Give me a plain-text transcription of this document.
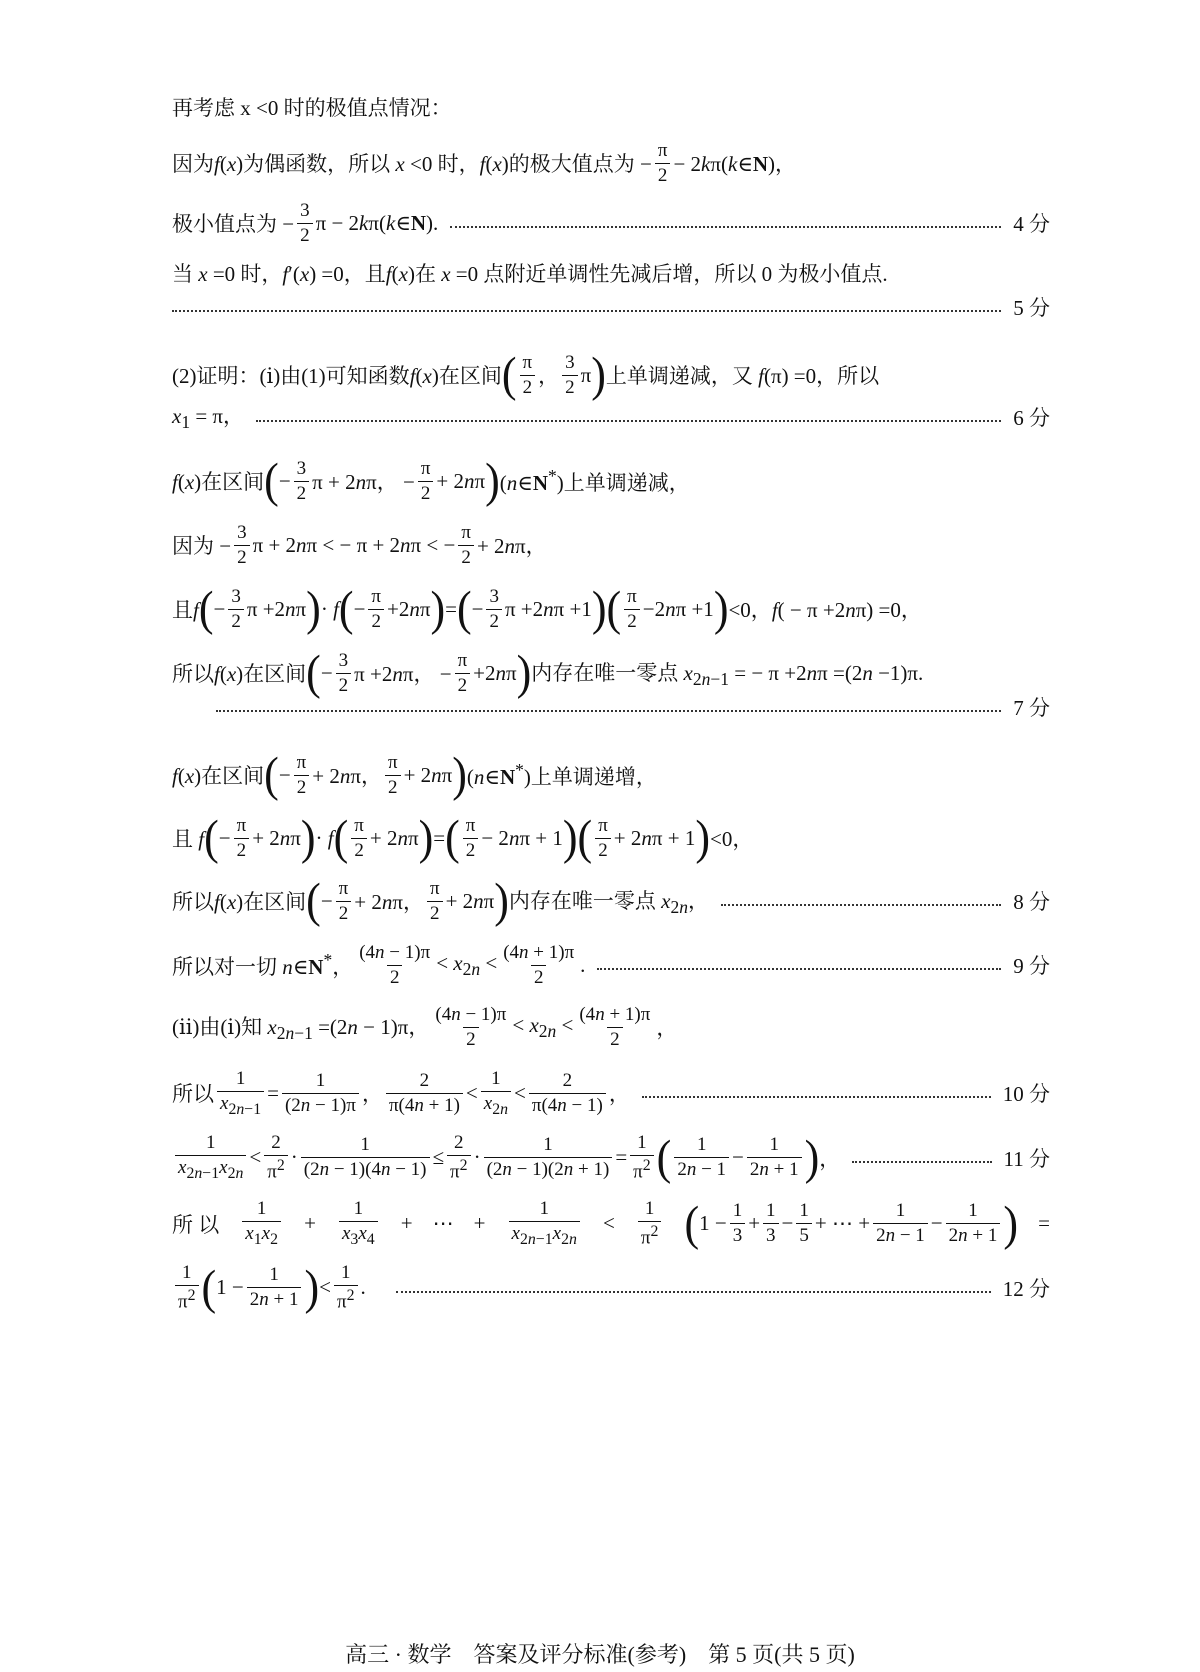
再考虑 x <0 时的极值点情况：
因为f(x)为偶函数，所以 x <0 时，f(x)的极大值点为 − $\frac{\pi}{2}$ − 2kπ(k∈N)，
极小值点为 − $\frac{3}{2}$ π − 2kπ(k∈N).	4 分
当 x =0 时，f′(x) =0，且f(x)在 x =0 点附近单调性先减后增，所以 0 为极小值点.
5 分
(2)证明：(ⅰ)由(1)可知函数f(x)在区间 ( $\frac{\pi}{2}$ ， $\frac{3}{2}$ π ) 上单调递减，又 f(π) =0，所以
$x_1 = \pi$，	6 分
f(x)在区间 ( − $\frac{3}{2}$ π + 2nπ， − $\frac{\pi}{2} + 2n\pi$ ) (n∈N*)上单调递减，
因为 − $\frac{3}{2}$ π + 2nπ < − π + 2nπ < − $\frac{\pi}{2} + 2n\pi$，
且f ( − $\frac{3}{2}$ π +2nπ ) · f ( − $\frac{\pi}{2} +2n\pi$ ) = ( − $\frac{3}{2}$ π +2nπ +1 )( $\frac{\pi}{2} -2n\pi +1$ ) <0，f( − π +2nπ) =0，
所以f(x)在区间 ( − $\frac{3}{2}$ π +2nπ， − $\frac{\pi}{2} +2n\pi$ ) 内存在唯一零点 $x_{2n-1}$ = − π +2nπ =(2n −1)π.
7 分
f(x)在区间 ( − $\frac{\pi}{2} + 2n\pi$， $\frac{\pi}{2} + 2n\pi$ ) (n∈N*)上单调递增，
且 f ( − $\frac{\pi}{2} + 2n\pi$ ) · f ( $\frac{\pi}{2} + 2n\pi$ ) = ( $\frac{\pi}{2} - 2n\pi + 1$ )( $\frac{\pi}{2} + 2n\pi + 1$ ) <0，
所以f(x)在区间 ( − $\frac{\pi}{2} + 2n\pi$， $\frac{\pi}{2} + 2n\pi$ ) 内存在唯一零点 $x_{2n}$，	8 分
所以对一切 n∈N*， $\frac{(4n - 1)\pi}{2} < x_{2n} < \frac{(4n + 1)\pi}{2}$ .	9 分
(ⅱ)由(ⅰ)知 $x_{2n-1} =(2n - 1)\pi$， $\frac{(4n - 1)\pi}{2} < x_{2n} < \frac{(4n + 1)\pi}{2}$ ，
所以 $\frac{1}{x_{2n-1}} = \frac{1}{(2n - 1)\pi}$ ， $\frac{2}{\pi(4n + 1)} < \frac{1}{x_{2n}} < \frac{2}{\pi(4n - 1)}$ ，	10 分
$\frac{1}{x_{2n-1}x_{2n}} < \frac{2}{\pi^2} \cdot \frac{1}{(2n - 1)(4n - 1)} \le \frac{2}{\pi^2} \cdot \frac{1}{(2n - 1)(2n + 1)} = \frac{1}{\pi^2}$ ( $\frac{1}{2n - 1} - \frac{1}{2n + 1}$ ) ，	11 分
所 以 $\frac{1}{x_1x_2} + \frac{1}{x_3x_4}$ + ⋯ + $\frac{1}{x_{2n-1}x_{2n}} < \frac{1}{\pi^2}$ ( $1 - \frac{1}{3} + \frac{1}{3} - \frac{1}{5}$ + ⋯ + $\frac{1}{2n - 1} - \frac{1}{2n + 1}$ ) =
$\frac{1}{\pi^2}$ ( $1 - \frac{1}{2n + 1}$ ) < $\frac{1}{\pi^2}$ .	12 分
高三 · 数学　答案及评分标准(参考)　第 5 页(共 5 页)
